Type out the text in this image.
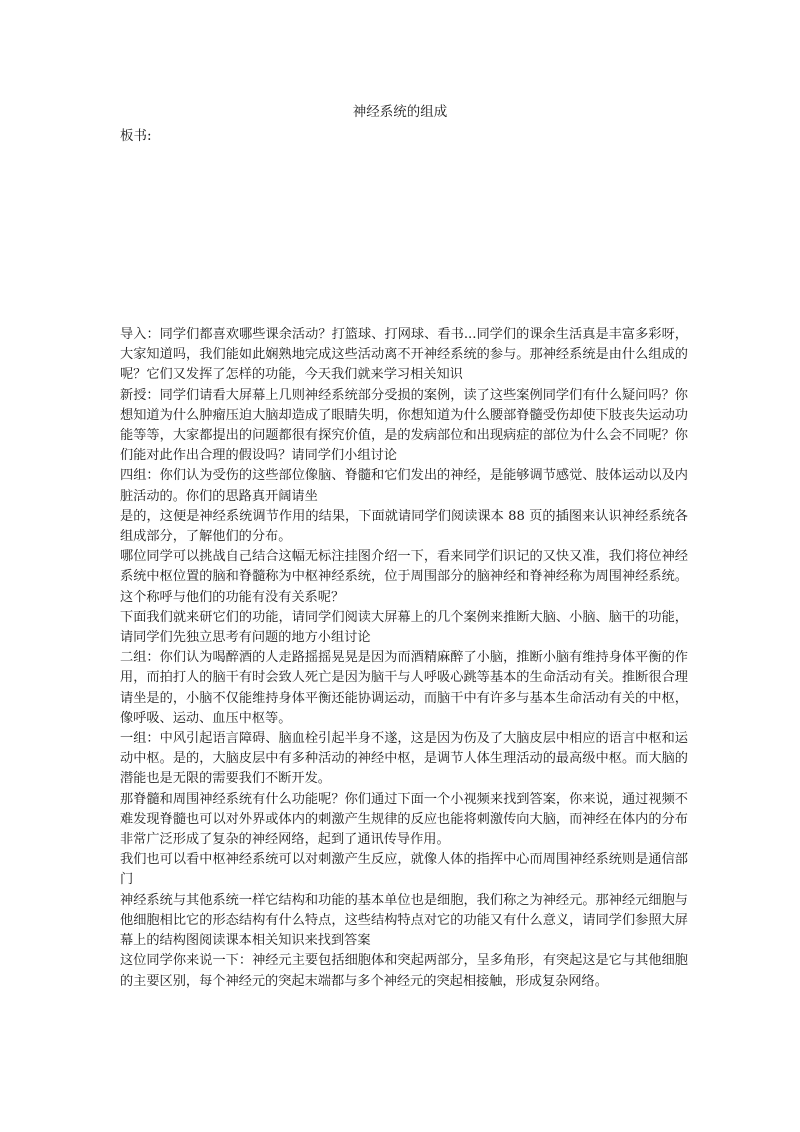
神经系统的组成
板书:

导入：同学们都喜欢哪些课余活动？打篮球、打网球、看书...同学们的课余生活真是丰富多彩呀，大家知道吗，我们能如此娴熟地完成这些活动离不开神经系统的参与。那神经系统是由什么组成的呢？它们又发挥了怎样的功能，今天我们就来学习相关知识

新授：同学们请看大屏幕上几则神经系统部分受损的案例，读了这些案例同学们有什么疑问吗？你想知道为什么肿瘤压迫大脑却造成了眼睛失明，你想知道为什么腰部脊髓受伤却使下肢丧失运动功能等等，大家都提出的问题都很有探究价值，是的发病部位和出现病症的部位为什么会不同呢？你们能对此作出合理的假设吗？请同学们小组讨论

四组：你们认为受伤的这些部位像脑、脊髓和它们发出的神经，是能够调节感觉、肢体运动以及内脏活动的。你们的思路真开阔请坐

是的，这便是神经系统调节作用的结果，下面就请同学们阅读课本 88 页的插图来认识神经系统各组成部分，了解他们的分布。

哪位同学可以挑战自己结合这幅无标注挂图介绍一下，看来同学们识记的又快又准，我们将位神经系统中枢位置的脑和脊髓称为中枢神经系统，位于周围部分的脑神经和脊神经称为周围神经系统。这个称呼与他们的功能有没有关系呢？

下面我们就来研它们的功能，请同学们阅读大屏幕上的几个案例来推断大脑、小脑、脑干的功能，请同学们先独立思考有问题的地方小组讨论

二组：你们认为喝醉酒的人走路摇摇晃晃是因为而酒精麻醉了小脑，推断小脑有维持身体平衡的作用，而拍打人的脑干有时会致人死亡是因为脑干与人呼吸心跳等基本的生命活动有关。推断很合理请坐是的，小脑不仅能维持身体平衡还能协调运动，而脑干中有许多与基本生命活动有关的中枢，像呼吸、运动、血压中枢等。

一组：中风引起语言障碍、脑血栓引起半身不遂，这是因为伤及了大脑皮层中相应的语言中枢和运动中枢。是的，大脑皮层中有多种活动的神经中枢，是调节人体生理活动的最高级中枢。而大脑的潜能也是无限的需要我们不断开发。

那脊髓和周围神经系统有什么功能呢？你们通过下面一个小视频来找到答案，你来说，通过视频不难发现脊髓也可以对外界或体内的刺激产生规律的反应也能将刺激传向大脑，而神经在体内的分布非常广泛形成了复杂的神经网络，起到了通讯传导作用。

我们也可以看中枢神经系统可以对刺激产生反应，就像人体的指挥中心而周围神经系统则是通信部门

神经系统与其他系统一样它结构和功能的基本单位也是细胞，我们称之为神经元。那神经元细胞与他细胞相比它的形态结构有什么特点，这些结构特点对它的功能又有什么意义，请同学们参照大屏幕上的结构图阅读课本相关知识来找到答案

这位同学你来说一下：神经元主要包括细胞体和突起两部分，呈多角形，有突起这是它与其他细胞的主要区别，每个神经元的突起末端都与多个神经元的突起相接触，形成复杂网络。
